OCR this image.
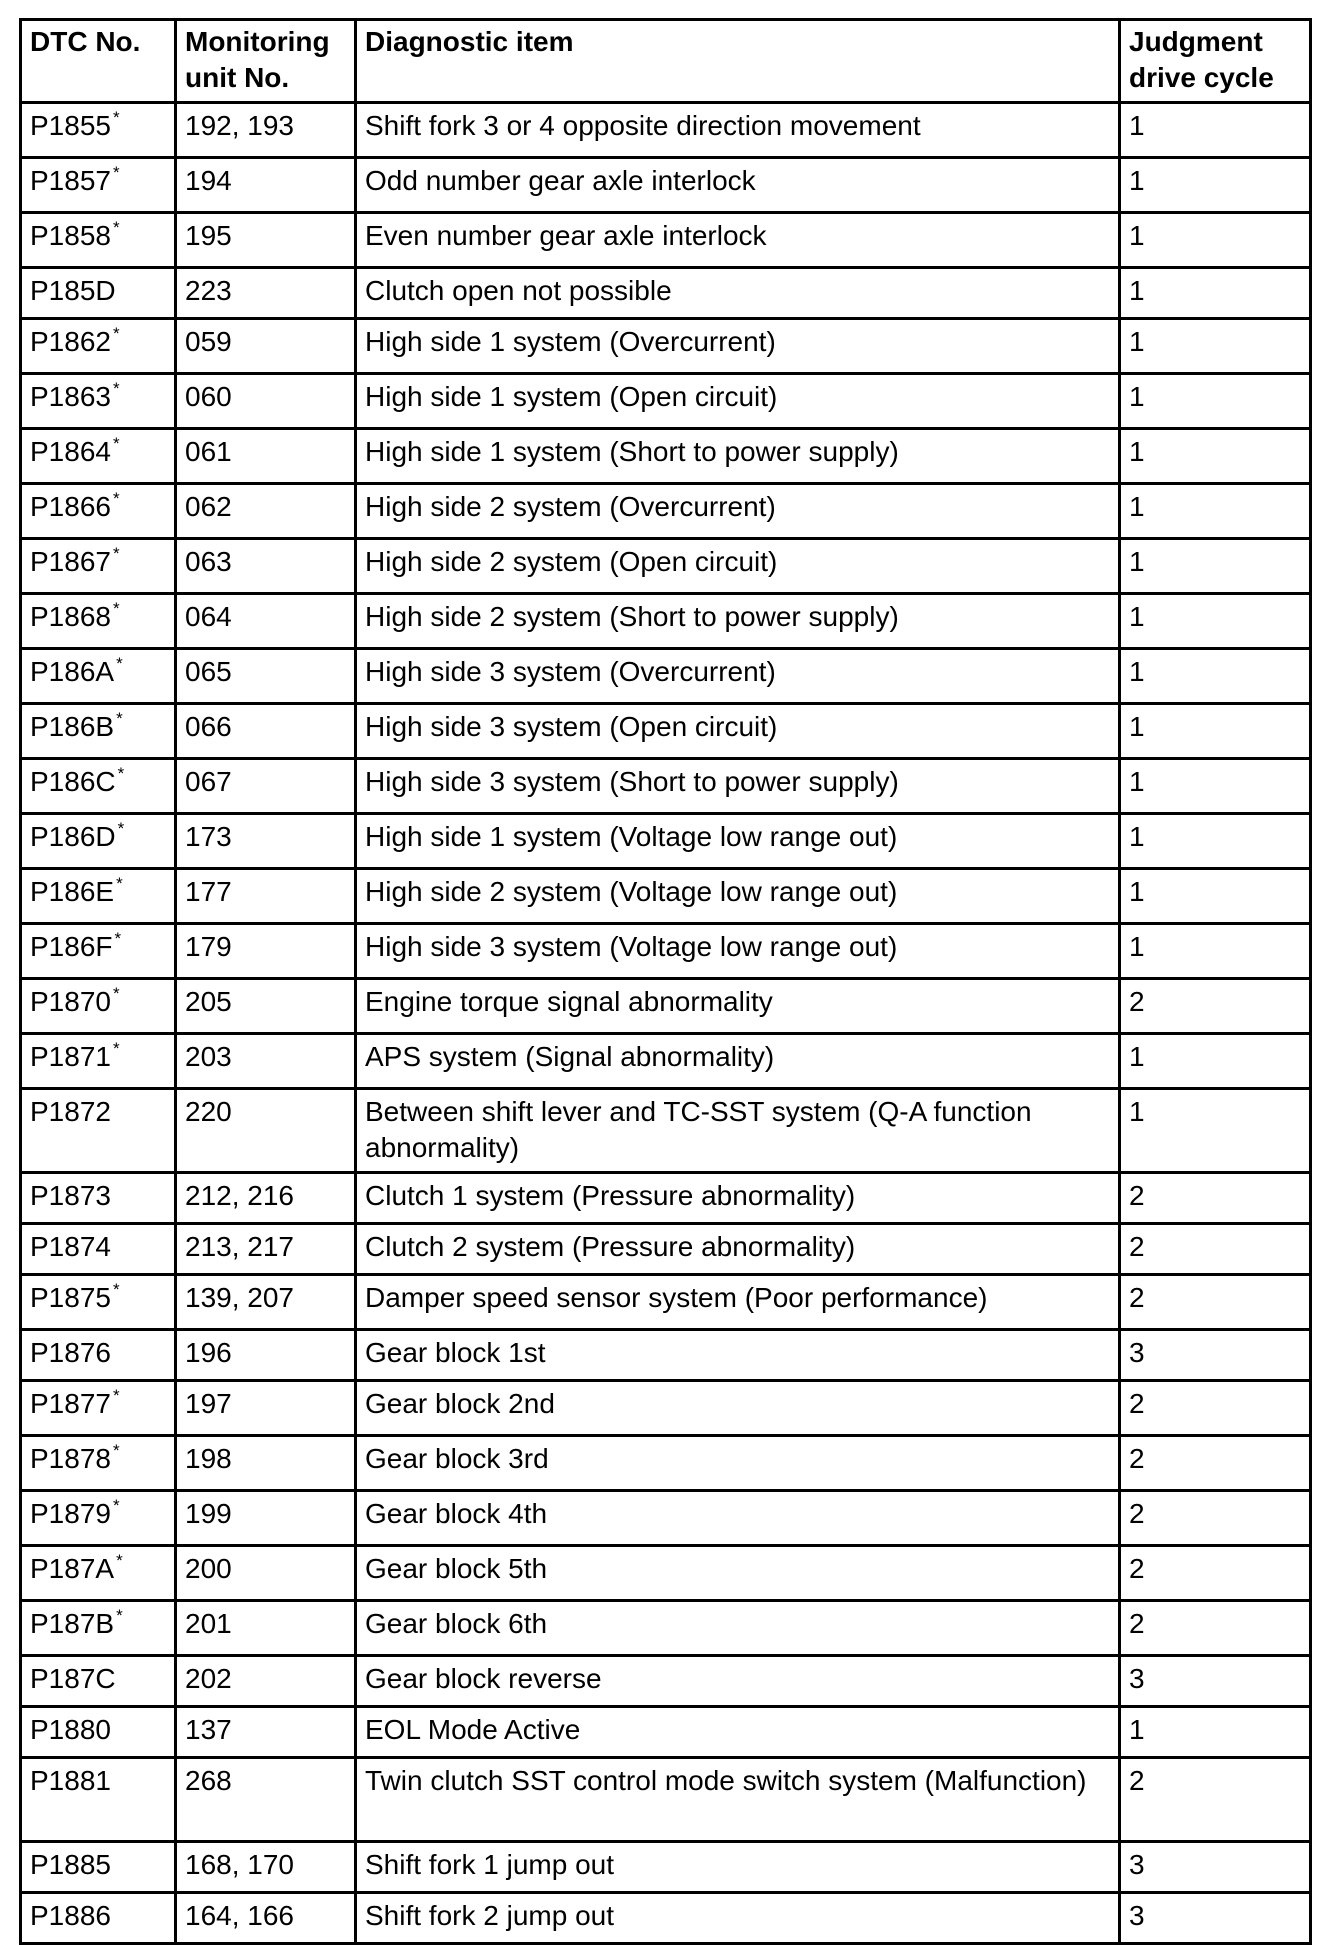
DTC No.	Monitoring unit No.	Diagnostic item	Judgment drive cycle
P1855 *	192, 193	Shift fork 3 or 4 opposite direction movement	1
P1857 *	194	Odd number gear axle interlock	1
P1858 *	195	Even number gear axle interlock	1
P185D	223	Clutch open not possible	1
P1862 *	059	High side 1 system (Overcurrent)	1
P1863 *	060	High side 1 system (Open circuit)	1
P1864 *	061	High side 1 system (Short to power supply)	1
P1866 *	062	High side 2 system (Overcurrent)	1
P1867 *	063	High side 2 system (Open circuit)	1
P1868 *	064	High side 2 system (Short to power supply)	1
P186A *	065	High side 3 system (Overcurrent)	1
P186B *	066	High side 3 system (Open circuit)	1
P186C *	067	High side 3 system (Short to power supply)	1
P186D *	173	High side 1 system (Voltage low range out)	1
P186E *	177	High side 2 system (Voltage low range out)	1
P186F *	179	High side 3 system (Voltage low range out)	1
P1870 *	205	Engine torque signal abnormality	2
P1871 *	203	APS system (Signal abnormality)	1
P1872	220	Between shift lever and TC-SST system (Q-A function abnormality)	1
P1873	212, 216	Clutch 1 system (Pressure abnormality)	2
P1874	213, 217	Clutch 2 system (Pressure abnormality)	2
P1875 *	139, 207	Damper speed sensor system (Poor performance)	2
P1876	196	Gear block 1st	3
P1877 *	197	Gear block 2nd	2
P1878 *	198	Gear block 3rd	2
P1879 *	199	Gear block 4th	2
P187A *	200	Gear block 5th	2
P187B *	201	Gear block 6th	2
P187C	202	Gear block reverse	3
P1880	137	EOL Mode Active	1
P1881	268	Twin clutch SST control mode switch system (Malfunction)	2
P1885	168, 170	Shift fork 1 jump out	3
P1886	164, 166	Shift fork 2 jump out	3
